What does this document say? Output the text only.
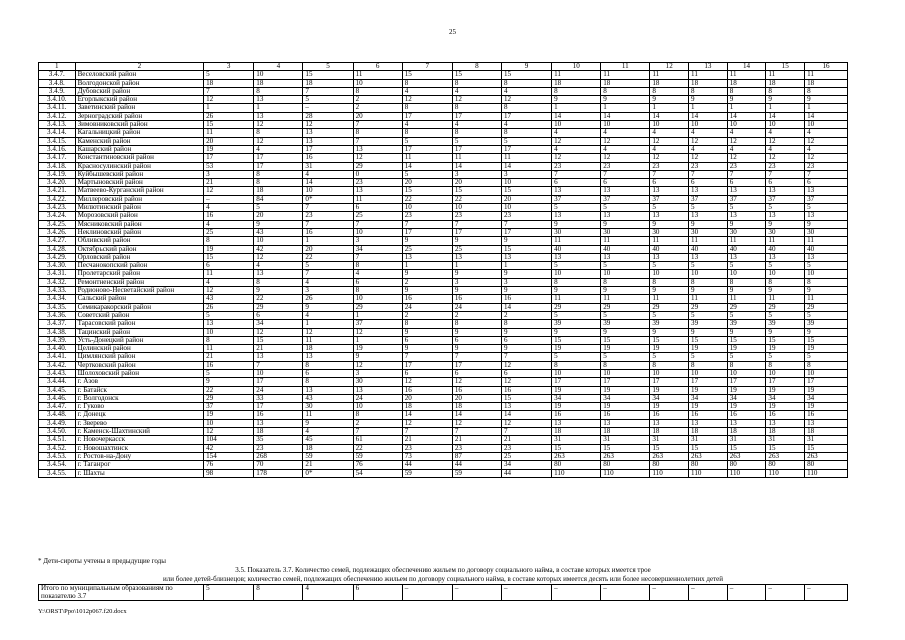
25
1	2	3	4	5	6	7	8	9	10	11	12	13	14	15	16
3.4.7.	Веселовский район	5	10	15	11	15	15	15	11	11	11	11	11	11	11
3.4.8.	Волгодонской район	18	18	18	10	8	8	8	18	18	18	18	18	18	18
3.4.9.	Дубовский район	7	8	7	8	4	4	4	8	8	8	8	8	8	8
3.4.10.	Егорлыкский район	12	13	5	2	12	12	12	9	9	9	9	9	9	9
3.4.11.	Заветинский район	1	1	–	2	8	8	8	1	1	1	1	1	1	1
3.4.12.	Зерноградский район	26	13	28	20	17	17	17	14	14	14	14	14	14	14
3.4.13.	Зимовниковский район	15	12	12	7	4	4	4	10	10	10	10	10	10	10
3.4.14.	Кагальницкий район	11	8	13	8	8	8	8	4	4	4	4	4	4	4
3.4.15.	Каменский район	20	12	13	7	5	5	5	12	12	12	12	12	12	12
3.4.16.	Кашарский район	19	4	17	13	17	17	17	4	4	4	4	4	4	4
3.4.17.	Константиновский район	17	17	16	12	11	11	11	12	12	12	12	12	12	12
3.4.18.	Красносулинский район	53	17	31	29	14	14	14	23	23	23	23	23	23	23
3.4.19.	Куйбышевский район	3	8	4	0	5	3	3	7	7	7	7	7	7	7
3.4.20.	Мартыновский район	21	8	14	23	20	20	10	6	6	6	6	6	6	6
3.4.21.	Матвеево-Курганский район	12	18	10	13	15	15	15	13	13	13	13	13	13	13
3.4.22.	Миллеровский район	–	84	0*	11	22	22	20	37	37	37	37	37	37	37
3.4.23.	Милютинский район	4	5	7	6	10	10	10	5	5	5	5	5	5	5
3.4.24.	Морозовский район	16	20	23	25	23	23	23	13	13	13	13	13	13	13
3.4.25.	Мясниковский район	4	9	7	7	7	7	7	9	9	9	9	9	9	9
3.4.26.	Неклиновский район	25	43	16	10	17	17	17	30	30	30	30	30	30	30
3.4.27.	Обливский район	8	10	1	3	9	9	9	11	11	11	11	11	11	11
3.4.28.	Октябрьский район	19	42	20	34	25	25	15	40	40	40	40	40	40	40
3.4.29.	Орловский район	15	12	22	7	13	13	13	13	13	13	13	13	13	13
3.4.30.	Песчанокопский район	6	4	5	8	1	1	1	5	5	5	5	5	5	5
3.4.31.	Пролетарский район	11	13	7	4	9	9	9	10	10	10	10	10	10	10
3.4.32.	Ремонтненский район	4	8	4	6	2	3	3	8	8	8	8	8	8	8
3.4.33.	Родионово-Несветайский район	12	9	3	8	9	9	9	9	9	9	9	9	9	9
3.4.34.	Сальский район	43	22	26	10	16	16	16	11	11	11	11	11	11	11
3.4.35.	Семикаракорский район	26	29	9	29	24	24	14	29	29	29	29	29	29	29
3.4.36.	Советский район	5	6	4	1	2	2	2	5	5	5	5	5	5	5
3.4.37.	Тарасовский район	13	34	1	37	8	8	8	39	39	39	39	39	39	39
3.4.38.	Тацинский район	10	12	12	12	9	9	9	9	9	9	9	9	9	9
3.4.39.	Усть-Донецкий район	8	15	11	1	6	6	6	15	15	15	15	15	15	15
3.4.40.	Целинский район	11	21	18	19	9	9	9	19	19	19	19	19	19	19
3.4.41.	Цимлянский район	21	13	13	9	7	7	7	5	5	5	5	5	5	5
3.4.42.	Чертковский район	16	7	8	12	17	17	12	8	8	8	8	8	8	8
3.4.43.	Шолоховский район	5	10	6	3	6	6	6	10	10	10	10	10	10	10
3.4.44.	г. Азов	9	17	8	30	12	12	12	17	17	17	17	17	17	17
3.4.45.	г. Батайск	22	24	13	13	16	16	16	19	19	19	19	19	19	19
3.4.46.	г. Волгодонск	29	33	43	24	20	20	15	34	34	34	34	34	34	34
3.4.47.	г. Гуково	37	17	30	10	18	18	13	19	19	19	19	19	19	19
3.4.48.	г. Донецк	19	16	11	8	14	14	14	16	16	16	16	16	16	16
3.4.49.	г. Зверево	10	13	9	2	12	12	12	13	13	13	13	13	13	13
3.4.50.	г. Каменск-Шахтинский	12	18	4	7	7	7	7	18	18	18	18	18	18	18
3.4.51.	г. Новочеркасск	104	35	45	61	21	21	21	31	31	31	31	31	31	31
3.4.52.	г. Новошахтинск	42	23	18	22	23	23	23	15	15	15	15	15	15	15
3.4.53.	г. Ростов-на-Дону	154	268	59	59	73	87	25	263	263	263	263	263	263	263
3.4.54.	г. Таганрог	76	70	21	76	44	44	34	80	80	80	80	80	80	80
3.4.55.	г. Шахты	98	178	0*	54	59	59	44	110	110	110	110	110	110	110
* Дети-сироты учтены в предыдущие годы
3.5. Показатель 3.7. Количество семей, подлежащих обеспечению жильем по договору социального найма, в составе которых имеется трое
или более детей-близнецов; количество семей, подлежащих обеспечению жильем по договору социального найма, в составе которых имеется десять или более несовершеннолетних детей
Итого по муниципальным образованиям по показателю 3.7	5	8	4	6	–	–	–	–	–	–	–	–	–	–
Y:\ORST\Ppo\1012p067.f20.docx
